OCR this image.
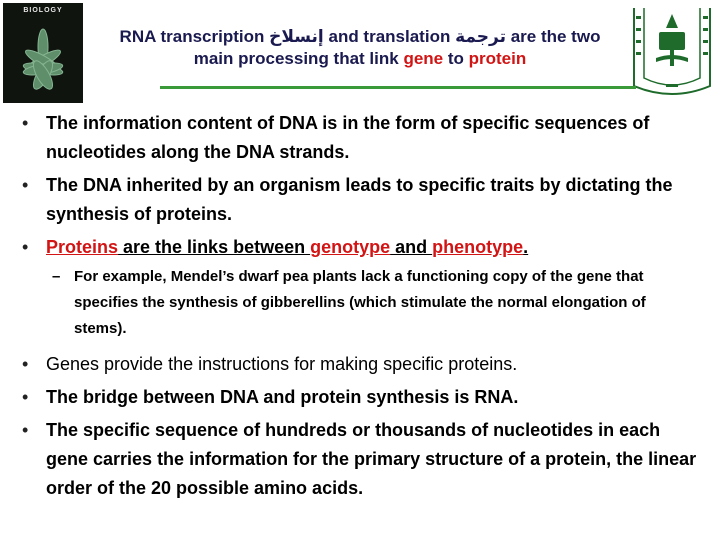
BIOLOGY
RNA transcription إنسلاخ and translation ترجمة are the two
main processing that link gene to protein
• The information content of DNA is in the form of specific sequences of nucleotides along the DNA strands.
• The DNA inherited by an organism leads to specific traits by dictating the synthesis of proteins.
• Proteins are the links between genotype and phenotype.
– For example, Mendel’s dwarf pea plants lack a functioning copy of the gene that specifies the synthesis of gibberellins (which stimulate the normal elongation of stems).
• Genes provide the instructions for making specific proteins.
• The bridge between DNA and protein synthesis is RNA.
• The specific sequence of hundreds or thousands of nucleotides in each gene carries the information for the primary structure of a protein, the linear order of the 20 possible amino acids.
